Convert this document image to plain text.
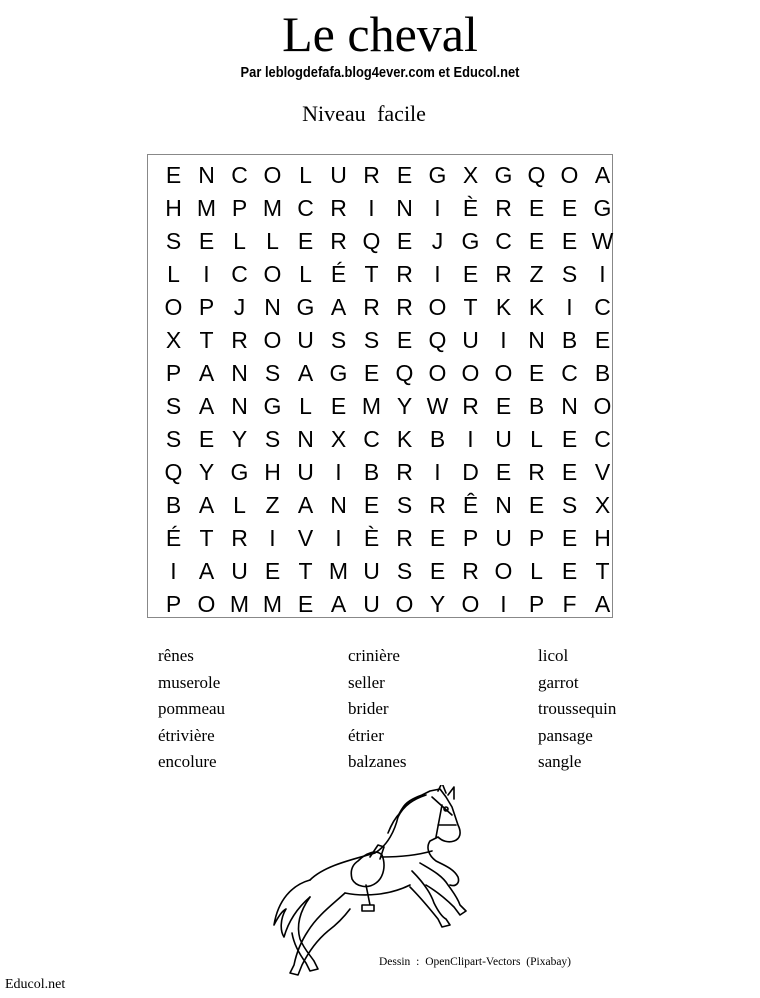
Le cheval
Par leblogdefafa.blog4ever.com et Educol.net
Niveau facile
E N C O L U R E G X G Q O A
H M P M C R I N I È R E E G
S E L L E R Q E J G C E E W
L	I C O L É T R I E R Z S I
O P J N G A R R O T K K I C
X T R O U S S E Q U I N B E
P A N S A G E Q O O O E C B
S A N G L E M Y W R E B N O
S E Y S N X C K B I U L E C
Q Y G H U I B R I D E R E V
B A L Z A N E S R Ê N E S X
É T R I V I È R E P U P E H
I A U E T M U S E R O L E T
P O M M E A U O Y O I P F A
rênes	crinière	licol
muserole	seller	garrot
pommeau	brider	troussequin
étrivière	étrier	pansage
encolure	balzanes	sangle
Dessin : OpenClipart-Vectors (Pixabay)
Educol.net
